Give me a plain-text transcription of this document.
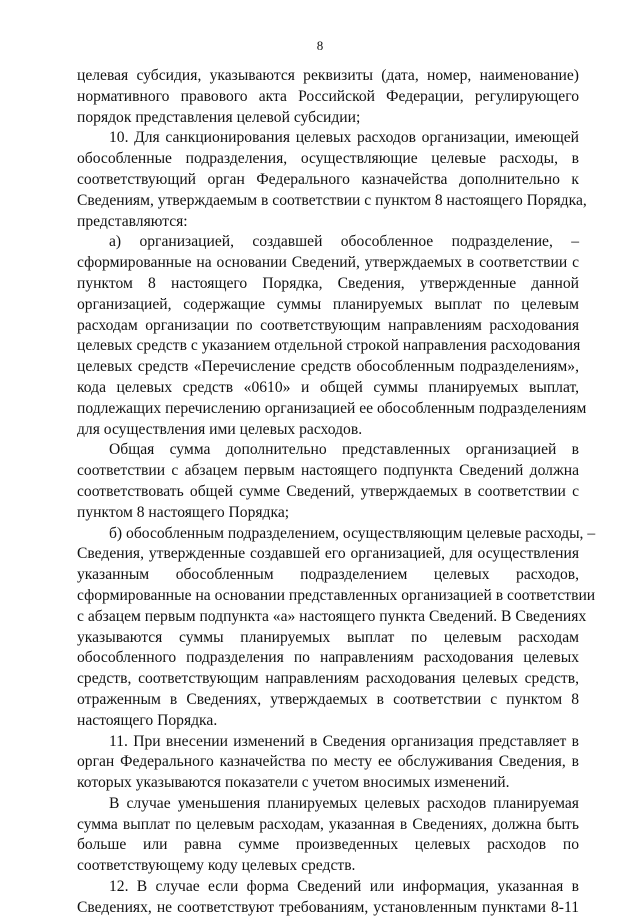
8
целевая субсидия, указываются реквизиты (дата, номер, наименование)
нормативного правового акта Российской Федерации, регулирующего
порядок представления целевой субсидии;
10. Для санкционирования целевых расходов организации, имеющей
обособленные подразделения, осуществляющие целевые расходы, в
соответствующий орган Федерального казначейства дополнительно к
Сведениям, утверждаемым в соответствии с пунктом 8 настоящего Порядка,
представляются:
а) организацией, создавшей обособленное подразделение, –
сформированные на основании Сведений, утверждаемых в соответствии с
пунктом 8 настоящего Порядка, Сведения, утвержденные данной
организацией, содержащие суммы планируемых выплат по целевым
расходам организации по соответствующим направлениям расходования
целевых средств с указанием отдельной строкой направления расходования
целевых средств «Перечисление средств обособленным подразделениям»,
кода целевых средств «0610» и общей суммы планируемых выплат,
подлежащих перечислению организацией ее обособленным подразделениям
для осуществления ими целевых расходов.
Общая сумма дополнительно представленных организацией в
соответствии с абзацем первым настоящего подпункта Сведений должна
соответствовать общей сумме Сведений, утверждаемых в соответствии с
пунктом 8 настоящего Порядка;
б) обособленным подразделением, осуществляющим целевые расходы, –
Сведения, утвержденные создавшей его организацией, для осуществления
указанным обособленным подразделением целевых расходов,
сформированные на основании представленных организацией в соответствии
с абзацем первым подпункта «а» настоящего пункта Сведений. В Сведениях
указываются суммы планируемых выплат по целевым расходам
обособленного подразделения по направлениям расходования целевых
средств, соответствующим направлениям расходования целевых средств,
отраженным в Сведениях, утверждаемых в соответствии с пунктом 8
настоящего Порядка.
11. При внесении изменений в Сведения организация представляет в
орган Федерального казначейства по месту ее обслуживания Сведения, в
которых указываются показатели с учетом вносимых изменений.
В случае уменьшения планируемых целевых расходов планируемая
сумма выплат по целевым расходам, указанная в Сведениях, должна быть
больше или равна сумме произведенных целевых расходов по
соответствующему коду целевых средств.
12. В случае если форма Сведений или информация, указанная в
Сведениях, не соответствуют требованиям, установленным пунктами 8-11
